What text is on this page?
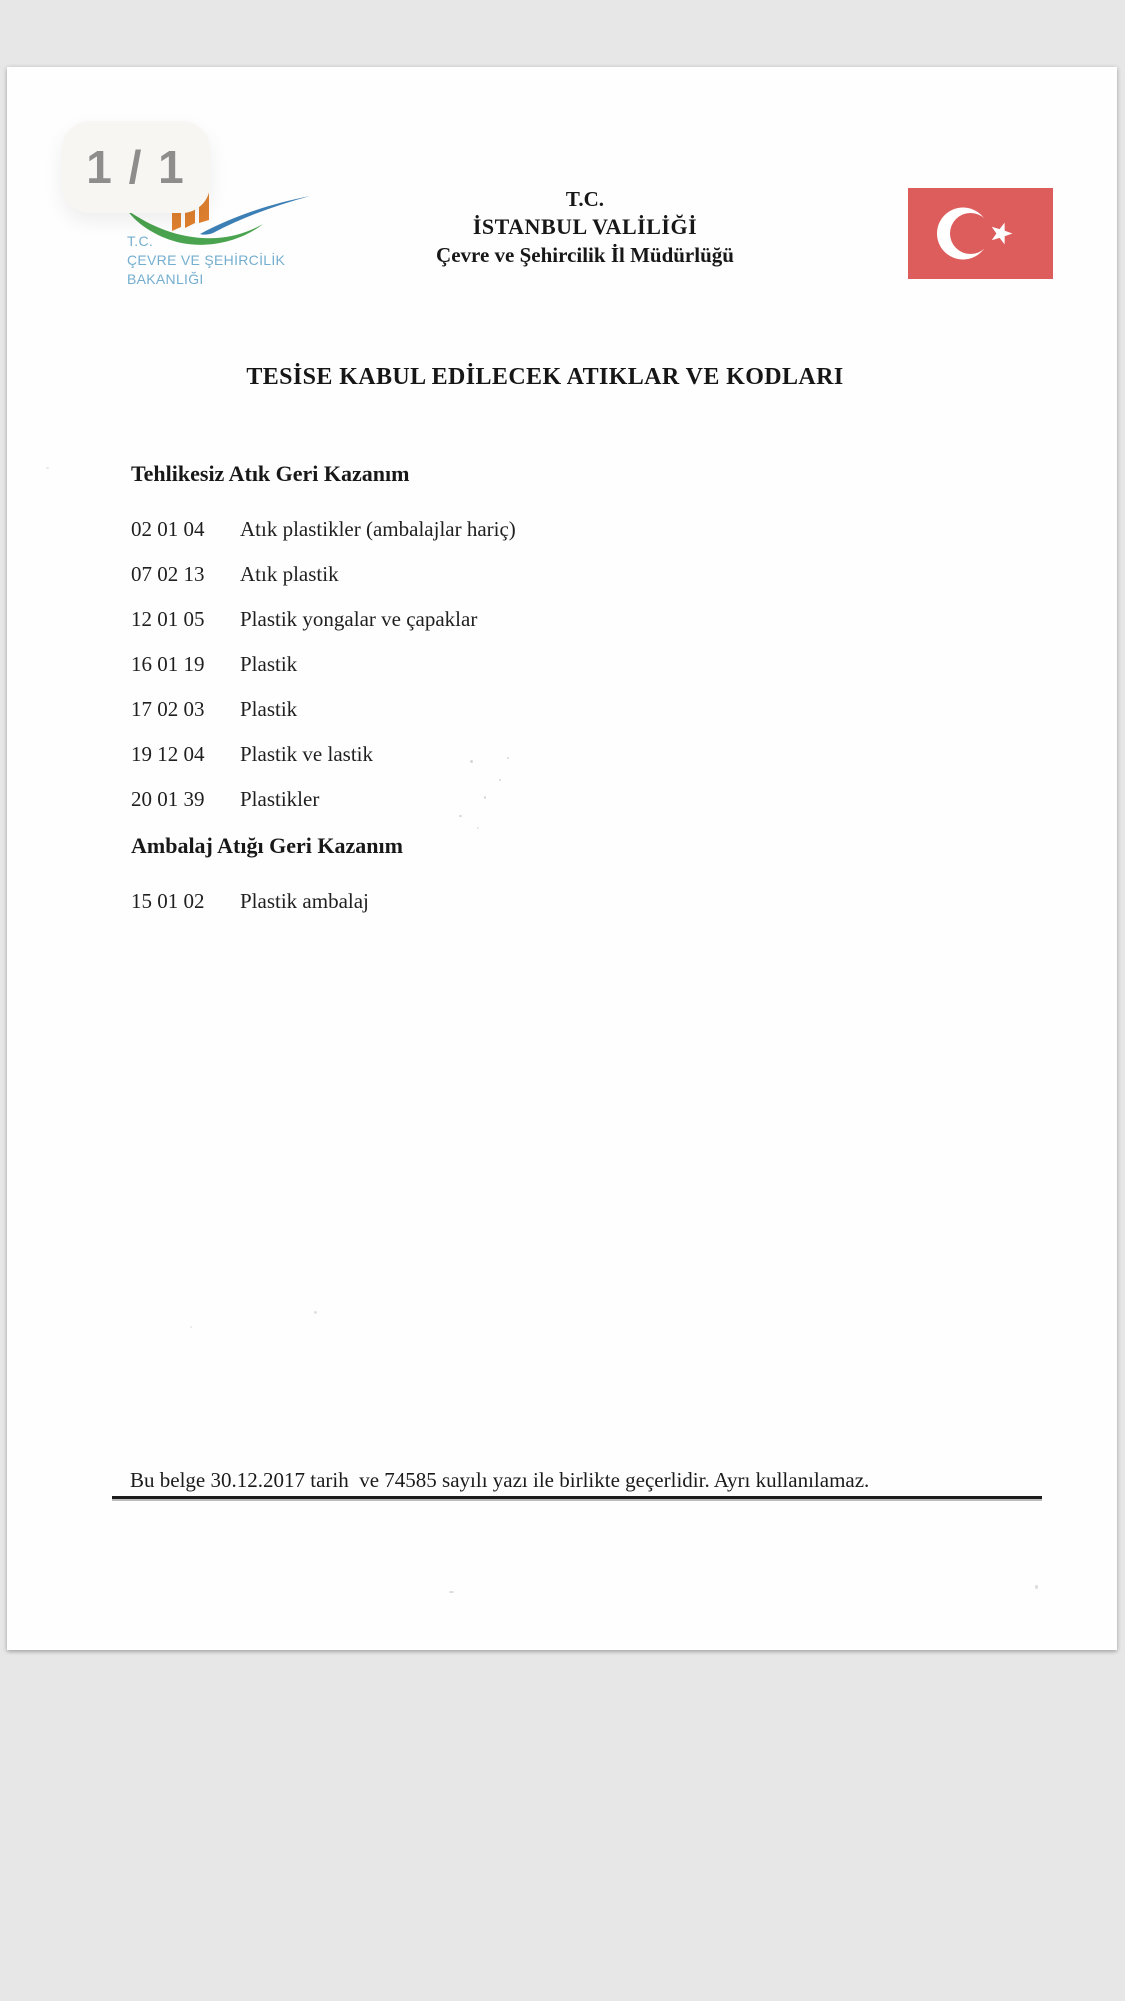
T.C.
ÇEVRE VE ŞEHİRCİLİK
BAKANLIĞI
T.C.
İSTANBUL VALİLİĞİ
Çevre ve Şehircilik İl Müdürlüğü
TESİSE KABUL EDİLECEK ATIKLAR VE KODLARI
Tehlikesiz Atık Geri Kazanım
02 01 04	Atık plastikler (ambalajlar hariç)
07 02 13	Atık plastik
12 01 05	Plastik yongalar ve çapaklar
16 01 19	Plastik
17 02 03	Plastik
19 12 04	Plastik ve lastik
20 01 39	Plastikler
Ambalaj Atığı Geri Kazanım
15 01 02	Plastik ambalaj
Bu belge 30.12.2017 tarih  ve 74585 sayılı yazı ile birlikte geçerlidir. Ayrı kullanılamaz.
1 / 1
